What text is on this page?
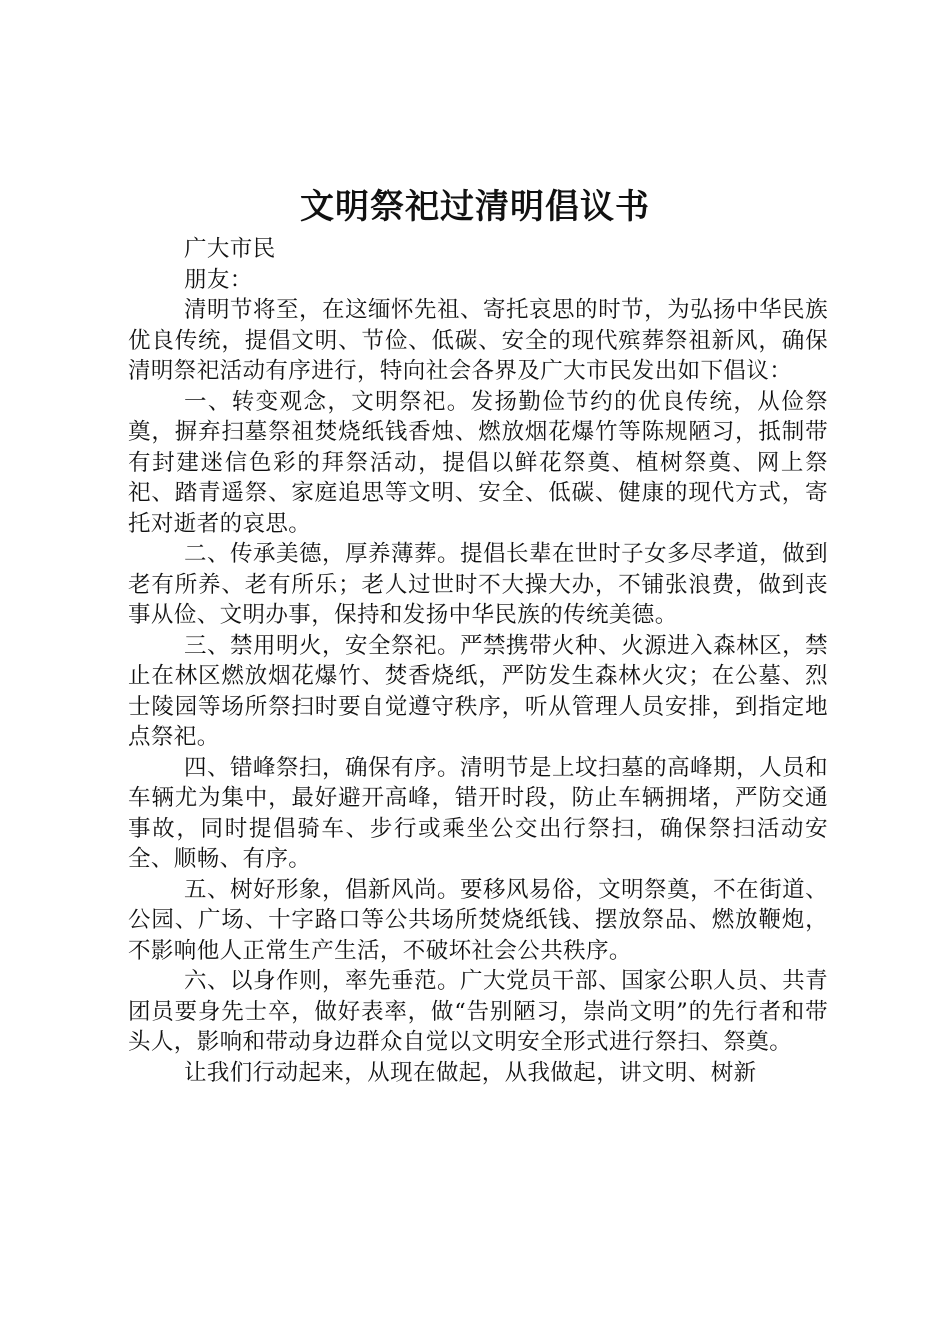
文明祭祀过清明倡议书

广大市民

朋友：

清明节将至，在这缅怀先祖、寄托哀思的时节，为弘扬中华民族优良传统，提倡文明、节俭、低碳、安全的现代殡葬祭祖新风，确保清明祭祀活动有序进行，特向社会各界及广大市民发出如下倡议：

一、转变观念，文明祭祀。发扬勤俭节约的优良传统，从俭祭奠，摒弃扫墓祭祖焚烧纸钱香烛、燃放烟花爆竹等陈规陋习，抵制带有封建迷信色彩的拜祭活动，提倡以鲜花祭奠、植树祭奠、网上祭祀、踏青遥祭、家庭追思等文明、安全、低碳、健康的现代方式，寄托对逝者的哀思。

二、传承美德，厚养薄葬。提倡长辈在世时子女多尽孝道，做到老有所养、老有所乐；老人过世时不大操大办，不铺张浪费，做到丧事从俭、文明办事，保持和发扬中华民族的传统美德。

三、禁用明火，安全祭祀。严禁携带火种、火源进入森林区，禁止在林区燃放烟花爆竹、焚香烧纸，严防发生森林火灾；在公墓、烈士陵园等场所祭扫时要自觉遵守秩序，听从管理人员安排，到指定地点祭祀。

四、错峰祭扫，确保有序。清明节是上坟扫墓的高峰期，人员和车辆尤为集中，最好避开高峰，错开时段，防止车辆拥堵，严防交通事故，同时提倡骑车、步行或乘坐公交出行祭扫，确保祭扫活动安全、顺畅、有序。

五、树好形象，倡新风尚。要移风易俗，文明祭奠，不在街道、公园、广场、十字路口等公共场所焚烧纸钱、摆放祭品、燃放鞭炮，不影响他人正常生产生活，不破坏社会公共秩序。

六、以身作则，率先垂范。广大党员干部、国家公职人员、共青团员要身先士卒，做好表率，做“告别陋习，崇尚文明”的先行者和带头人，影响和带动身边群众自觉以文明安全形式进行祭扫、祭奠。

让我们行动起来，从现在做起，从我做起，讲文明、树新
